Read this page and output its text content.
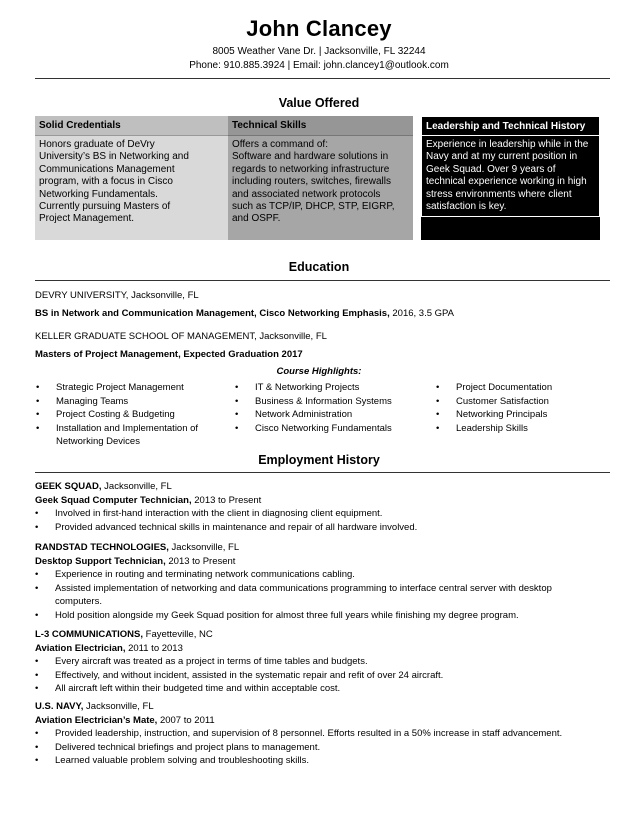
John Clancey
8005 Weather Vane Dr. | Jacksonville, FL 32244
Phone: 910.885.3924 | Email: john.clancey1@outlook.com
Value Offered
Solid Credentials
Honors graduate of DeVry
University’s BS in Networking and
Communications Management
program, with a focus in Cisco
Networking Fundamentals.
Currently pursuing Masters of
Project Management.
Technical Skills
Offers a command of:
Software and hardware solutions in
regards to networking infrastructure
including routers, switches, firewalls
and associated network protocols
such as TCP/IP, DHCP, STP, EIGRP,
and OSPF.
Leadership and Technical History
Experience in leadership while in the
Navy and at my current position in
Geek Squad. Over 9 years of
technical experience working in high
stress environments where client
satisfaction is key.
Education
DEVRY UNIVERSITY, Jacksonville, FL
BS in Network and Communication Management, Cisco Networking Emphasis, 2016, 3.5 GPA
KELLER GRADUATE SCHOOL OF MANAGEMENT, Jacksonville, FL
Masters of Project Management, Expected Graduation 2017
Course Highlights:
• Strategic Project Management
• Managing Teams
• Project Costing & Budgeting
• Installation and Implementation of
Networking Devices
• IT & Networking Projects
• Business & Information Systems
• Network Administration
• Cisco Networking Fundamentals
• Project Documentation
• Customer Satisfaction
• Networking Principals
• Leadership Skills
Employment History
GEEK SQUAD, Jacksonville, FL
Geek Squad Computer Technician, 2013 to Present
• Involved in first-hand interaction with the client in diagnosing client equipment.
• Provided advanced technical skills in maintenance and repair of all hardware involved.
RANDSTAD TECHNOLOGIES, Jacksonville, FL
Desktop Support Technician, 2013 to Present
• Experience in routing and terminating network communications cabling.
• Assisted implementation of networking and data communications programming to interface central server with desktop
computers.
• Hold position alongside my Geek Squad position for almost three full years while finishing my degree program.
L-3 COMMUNICATIONS, Fayetteville, NC
Aviation Electrician, 2011 to 2013
• Every aircraft was treated as a project in terms of time tables and budgets.
• Effectively, and without incident, assisted in the systematic repair and refit of over 24 aircraft.
• All aircraft left within their budgeted time and within acceptable cost.
U.S. NAVY, Jacksonville, FL
Aviation Electrician’s Mate, 2007 to 2011
• Provided leadership, instruction, and supervision of 8 personnel. Efforts resulted in a 50% increase in staff advancement.
• Delivered technical briefings and project plans to management.
• Learned valuable problem solving and troubleshooting skills.
